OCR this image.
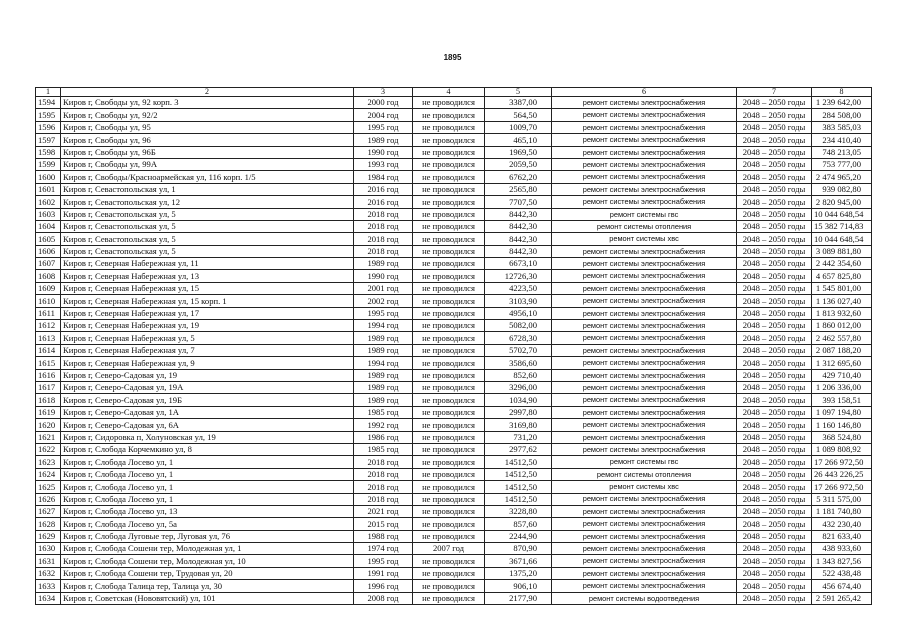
1895
1	2	3	4	5	6	7	8
1594	Киров г, Свободы ул, 92 корп. 3	2000 год	не проводился	3387,00	ремонт системы электроснабжения	2048 – 2050 годы	1 239 642,00
1595	Киров г, Свободы ул, 92/2	2004 год	не проводился	564,50	ремонт системы электроснабжения	2048 – 2050 годы	284 508,00
1596	Киров г, Свободы ул, 95	1995 год	не проводился	1009,70	ремонт системы электроснабжения	2048 – 2050 годы	383 585,03
1597	Киров г, Свободы ул, 96	1989 год	не проводился	465,10	ремонт системы электроснабжения	2048 – 2050 годы	234 410,40
1598	Киров г, Свободы ул, 96Б	1990 год	не проводился	1969,50	ремонт системы электроснабжения	2048 – 2050 годы	748 213,05
1599	Киров г, Свободы ул, 99А	1993 год	не проводился	2059,50	ремонт системы электроснабжения	2048 – 2050 годы	753 777,00
1600	Киров г, Свободы/Красноармейская ул, 116 корп. 1/5	1984 год	не проводился	6762,20	ремонт системы электроснабжения	2048 – 2050 годы	2 474 965,20
1601	Киров г, Севастопольская ул, 1	2016 год	не проводился	2565,80	ремонт системы электроснабжения	2048 – 2050 годы	939 082,80
1602	Киров г, Севастопольская ул, 12	2016 год	не проводился	7707,50	ремонт системы электроснабжения	2048 – 2050 годы	2 820 945,00
1603	Киров г, Севастопольская ул, 5	2018 год	не проводился	8442,30	ремонт системы гвс	2048 – 2050 годы	10 044 648,54
1604	Киров г, Севастопольская ул, 5	2018 год	не проводился	8442,30	ремонт системы отопления	2048 – 2050 годы	15 382 714,83
1605	Киров г, Севастопольская ул, 5	2018 год	не проводился	8442,30	ремонт системы хвс	2048 – 2050 годы	10 044 648,54
1606	Киров г, Севастопольская ул, 5	2018 год	не проводился	8442,30	ремонт системы электроснабжения	2048 – 2050 годы	3 089 881,80
1607	Киров г, Северная Набережная ул, 11	1989 год	не проводился	6673,10	ремонт системы электроснабжения	2048 – 2050 годы	2 442 354,60
1608	Киров г, Северная Набережная ул, 13	1990 год	не проводился	12726,30	ремонт системы электроснабжения	2048 – 2050 годы	4 657 825,80
1609	Киров г, Северная Набережная ул, 15	2001 год	не проводился	4223,50	ремонт системы электроснабжения	2048 – 2050 годы	1 545 801,00
1610	Киров г, Северная Набережная ул, 15 корп. 1	2002 год	не проводился	3103,90	ремонт системы электроснабжения	2048 – 2050 годы	1 136 027,40
1611	Киров г, Северная Набережная ул, 17	1995 год	не проводился	4956,10	ремонт системы электроснабжения	2048 – 2050 годы	1 813 932,60
1612	Киров г, Северная Набережная ул, 19	1994 год	не проводился	5082,00	ремонт системы электроснабжения	2048 – 2050 годы	1 860 012,00
1613	Киров г, Северная Набережная ул, 5	1989 год	не проводился	6728,30	ремонт системы электроснабжения	2048 – 2050 годы	2 462 557,80
1614	Киров г, Северная Набережная ул, 7	1989 год	не проводился	5702,70	ремонт системы электроснабжения	2048 – 2050 годы	2 087 188,20
1615	Киров г, Северная Набережная ул, 9	1994 год	не проводился	3586,60	ремонт системы электроснабжения	2048 – 2050 годы	1 312 695,60
1616	Киров г, Северо-Садовая ул, 19	1989 год	не проводился	852,60	ремонт системы электроснабжения	2048 – 2050 годы	429 710,40
1617	Киров г, Северо-Садовая ул, 19А	1989 год	не проводился	3296,00	ремонт системы электроснабжения	2048 – 2050 годы	1 206 336,00
1618	Киров г, Северо-Садовая ул, 19Б	1989 год	не проводился	1034,90	ремонт системы электроснабжения	2048 – 2050 годы	393 158,51
1619	Киров г, Северо-Садовая ул, 1А	1985 год	не проводился	2997,80	ремонт системы электроснабжения	2048 – 2050 годы	1 097 194,80
1620	Киров г, Северо-Садовая ул, 6А	1992 год	не проводился	3169,80	ремонт системы электроснабжения	2048 – 2050 годы	1 160 146,80
1621	Киров г, Сидоровка п, Холуновская ул, 19	1986 год	не проводился	731,20	ремонт системы электроснабжения	2048 – 2050 годы	368 524,80
1622	Киров г, Слобода Корчемкино ул, 8	1985 год	не проводился	2977,62	ремонт системы электроснабжения	2048 – 2050 годы	1 089 808,92
1623	Киров г, Слобода Лосево ул, 1	2018 год	не проводился	14512,50	ремонт системы гвс	2048 – 2050 годы	17 266 972,50
1624	Киров г, Слобода Лосево ул, 1	2018 год	не проводился	14512,50	ремонт системы отопления	2048 – 2050 годы	26 443 226,25
1625	Киров г, Слобода Лосево ул, 1	2018 год	не проводился	14512,50	ремонт системы хвс	2048 – 2050 годы	17 266 972,50
1626	Киров г, Слобода Лосево ул, 1	2018 год	не проводился	14512,50	ремонт системы электроснабжения	2048 – 2050 годы	5 311 575,00
1627	Киров г, Слобода Лосево ул, 13	2021 год	не проводился	3228,80	ремонт системы электроснабжения	2048 – 2050 годы	1 181 740,80
1628	Киров г, Слобода Лосево ул, 5а	2015 год	не проводился	857,60	ремонт системы электроснабжения	2048 – 2050 годы	432 230,40
1629	Киров г, Слобода Луговые тер, Луговая ул, 76	1988 год	не проводился	2244,90	ремонт системы электроснабжения	2048 – 2050 годы	821 633,40
1630	Киров г, Слобода Сошени тер, Молодежная ул, 1	1974 год	2007 год	870,90	ремонт системы электроснабжения	2048 – 2050 годы	438 933,60
1631	Киров г, Слобода Сошени тер, Молодежная ул, 10	1995 год	не проводился	3671,66	ремонт системы электроснабжения	2048 – 2050 годы	1 343 827,56
1632	Киров г, Слобода Сошени тер, Трудовая ул, 20	1991 год	не проводился	1375,20	ремонт системы электроснабжения	2048 – 2050 годы	522 438,48
1633	Киров г, Слобода Талица тер, Талица ул, 30	1996 год	не проводился	906,10	ремонт системы электроснабжения	2048 – 2050 годы	456 674,40
1634	Киров г, Советская (Нововятский) ул, 101	2008 год	не проводился	2177,90	ремонт системы водоотведения	2048 – 2050 годы	2 591 265,42
